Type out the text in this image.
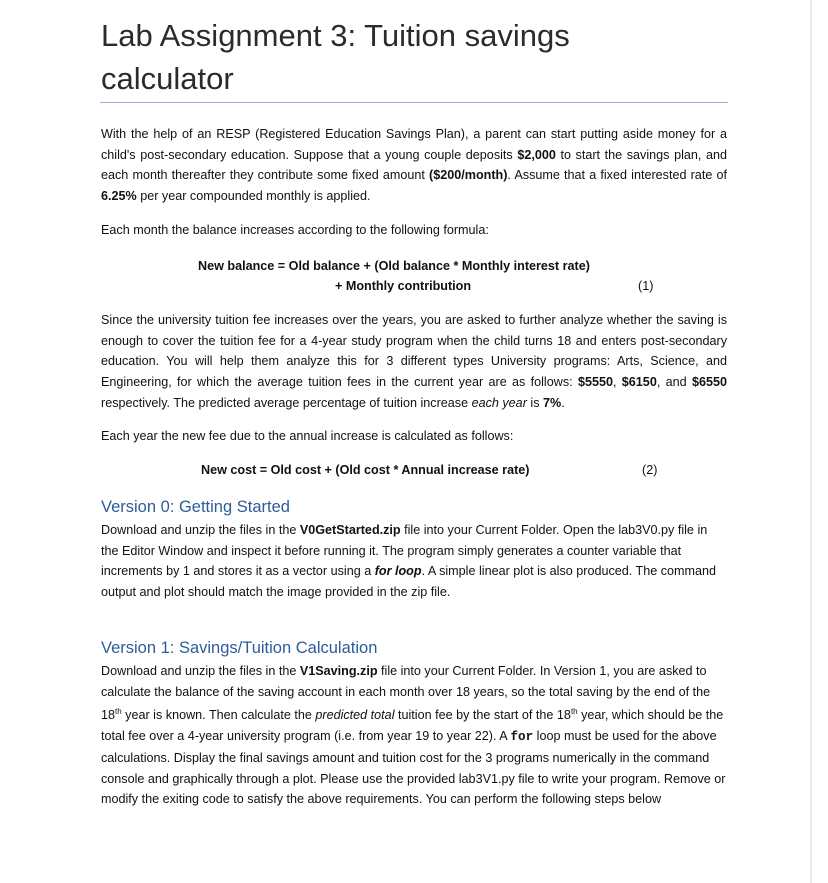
Lab Assignment 3: Tuition savings
calculator

With the help of an RESP (Registered Education Savings Plan), a parent can start putting aside money for a child's post-secondary education. Suppose that a young couple deposits $2,000 to start the savings plan, and each month thereafter they contribute some fixed amount ($200/month). Assume that a fixed interested rate of 6.25% per year compounded monthly is applied.

Each month the balance increases according to the following formula:

New balance = Old balance + (Old balance * Monthly interest rate)
+ Monthly contribution	(1)

Since the university tuition fee increases over the years, you are asked to further analyze whether the saving is enough to cover the tuition fee for a 4-year study program when the child turns 18 and enters post-secondary education. You will help them analyze this for 3 different types University programs: Arts, Science, and Engineering, for which the average tuition fees in the current year are as follows: $5550, $6150, and $6550 respectively. The predicted average percentage of tuition increase each year is 7%.

Each year the new fee due to the annual increase is calculated as follows:

New cost = Old cost + (Old cost * Annual increase rate)	(2)
Version 0: Getting Started

Download and unzip the files in the V0GetStarted.zip file into your Current Folder. Open the lab3V0.py file in the Editor Window and inspect it before running it. The program simply generates a counter variable that increments by 1 and stores it as a vector using a for loop. A simple linear plot is also produced. The command output and plot should match the image provided in the zip file.

Version 1: Savings/Tuition Calculation

Download and unzip the files in the V1Saving.zip file into your Current Folder. In Version 1, you are asked to calculate the balance of the saving account in each month over 18 years, so the total saving by the end of the 18th year is known. Then calculate the predicted total tuition fee by the start of the 18th year, which should be the total fee over a 4-year university program (i.e. from year 19 to year 22). A for loop must be used for the above calculations. Display the final savings amount and tuition cost for the 3 programs numerically in the command console and graphically through a plot. Please use the provided lab3V1.py file to write your program. Remove or modify the exiting code to satisfy the above requirements. You can perform the following steps below
